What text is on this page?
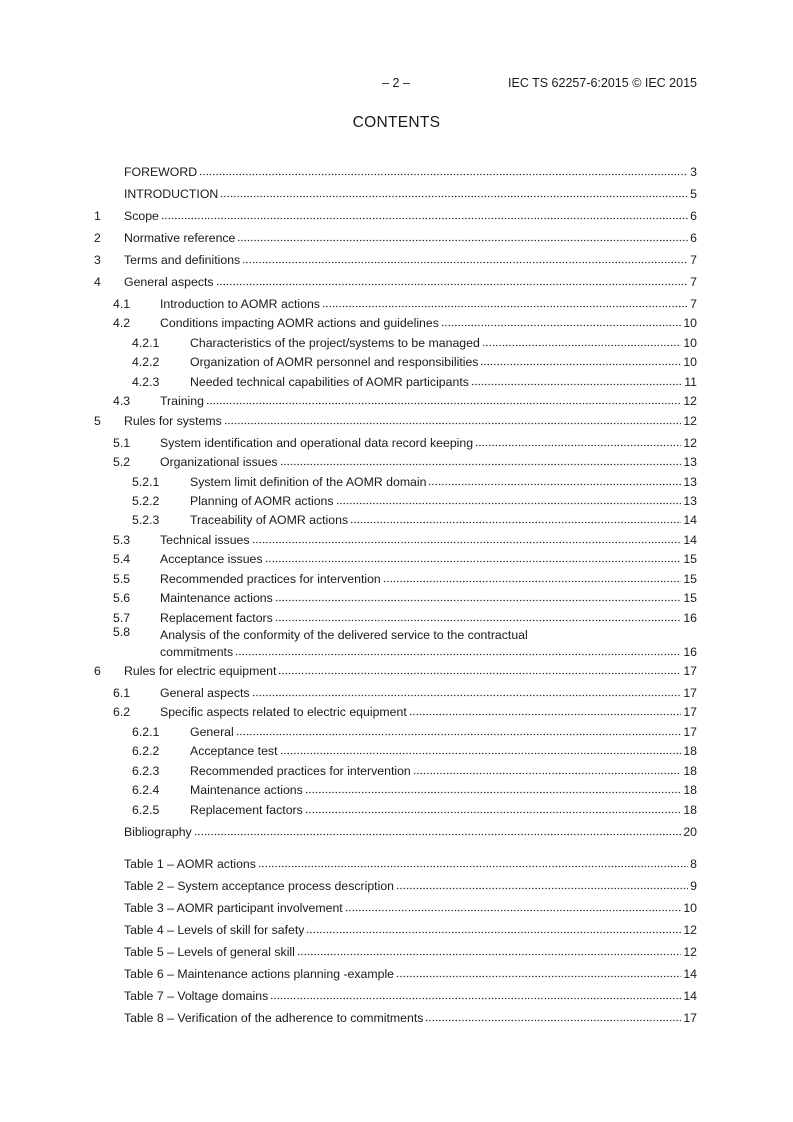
– 2 –	IEC TS 62257-6:2015 © IEC 2015
CONTENTS
FOREWORD	3
INTRODUCTION	5
1	Scope	6
2	Normative reference	6
3	Terms and definitions	7
4	General aspects	7
4.1	Introduction to AOMR actions	7
4.2	Conditions impacting AOMR actions and guidelines	10
4.2.1	Characteristics of the project/systems to be managed	10
4.2.2	Organization of AOMR personnel and responsibilities	10
4.2.3	Needed technical capabilities of AOMR participants	11
4.3	Training	12
5	Rules for systems	12
5.1	System identification and operational data record keeping	12
5.2	Organizational issues	13
5.2.1	System limit definition of the AOMR domain	13
5.2.2	Planning of AOMR actions	13
5.2.3	Traceability of AOMR actions	14
5.3	Technical issues	14
5.4	Acceptance issues	15
5.5	Recommended practices for intervention	15
5.6	Maintenance actions	15
5.7	Replacement factors	16
5.8	Analysis of the conformity of the delivered service to the contractual
commitments	16
6	Rules for electric equipment	17
6.1	General aspects	17
6.2	Specific aspects related to electric equipment	17
6.2.1	General	17
6.2.2	Acceptance test	18
6.2.3	Recommended practices for intervention	18
6.2.4	Maintenance actions	18
6.2.5	Replacement factors	18
Bibliography	20
Table 1 – AOMR actions	8
Table 2 – System acceptance process description	9
Table 3 – AOMR participant involvement	10
Table 4 – Levels of skill for safety	12
Table 5 – Levels of general skill	12
Table 6 – Maintenance actions planning -example	14
Table 7 – Voltage domains	14
Table 8 – Verification of the adherence to commitments	17
